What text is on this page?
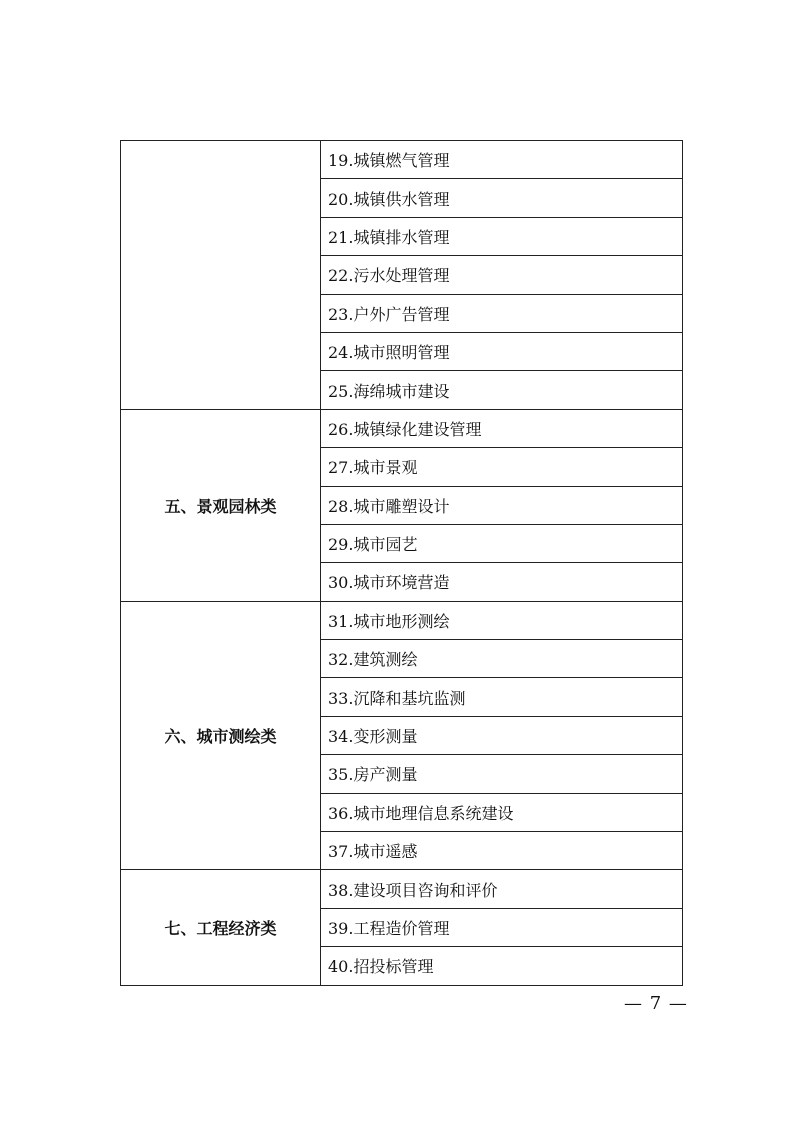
	19.城镇燃气管理
	20.城镇供水管理
	21.城镇排水管理
	22.污水处理管理
	23.户外广告管理
	24.城市照明管理
	25.海绵城市建设
五、景观园林类	26.城镇绿化建设管理
	27.城市景观
	28.城市雕塑设计
	29.城市园艺
	30.城市环境营造
六、城市测绘类	31.城市地形测绘
	32.建筑测绘
	33.沉降和基坑监测
	34.变形测量
	35.房产测量
	36.城市地理信息系统建设
	37.城市遥感
七、工程经济类	38.建设项目咨询和评价
	39.工程造价管理
	40.招投标管理
— 7 —
